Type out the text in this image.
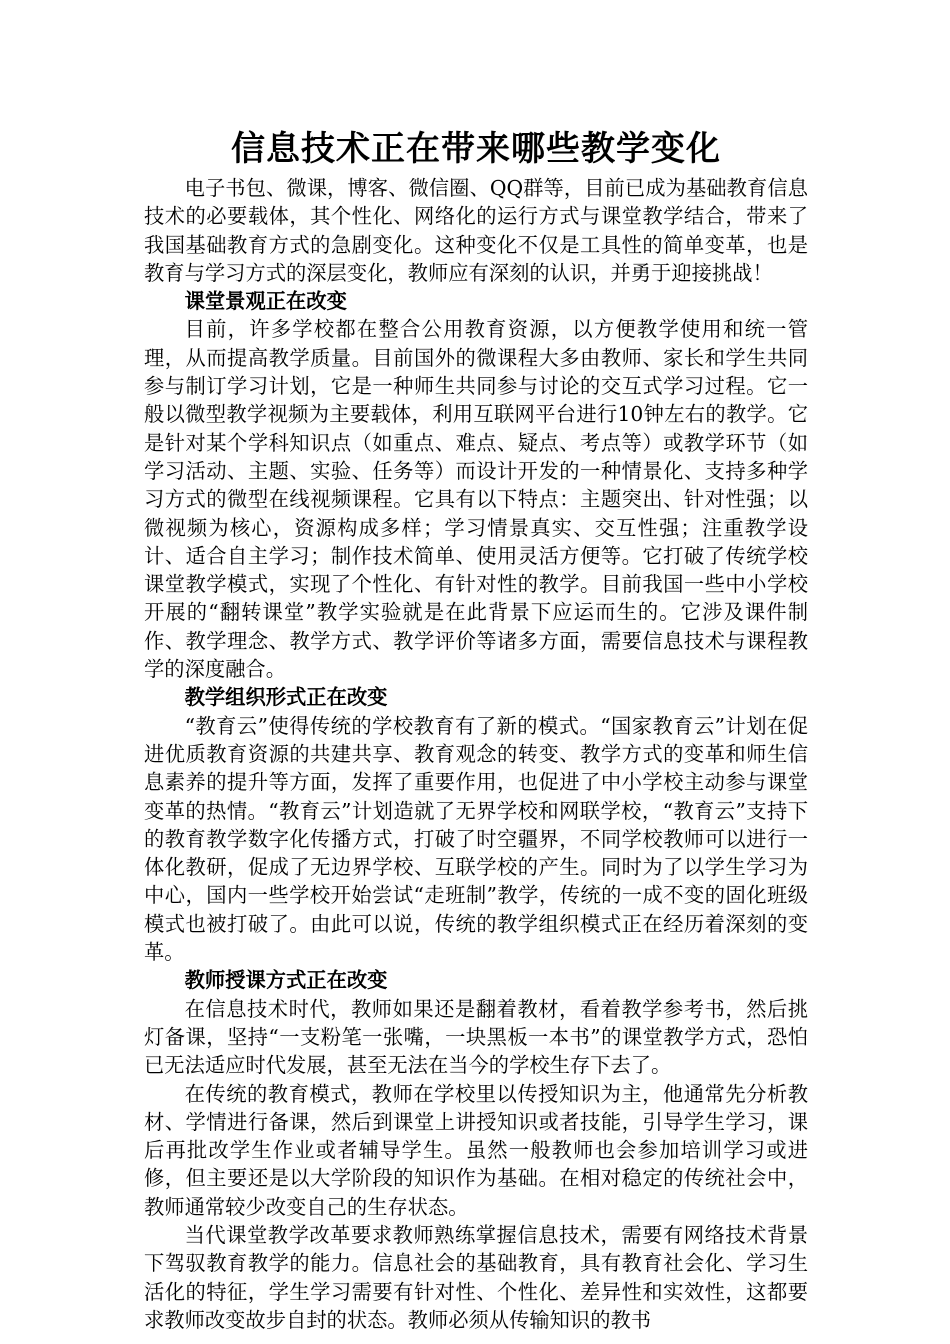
信息技术正在带来哪些教学变化

电子书包、微课，博客、微信圈、QQ群等，目前已成为基础教育信息技术的必要载体，其个性化、网络化的运行方式与课堂教学结合，带来了我国基础教育方式的急剧变化。这种变化不仅是工具性的简单变革，也是教育与学习方式的深层变化，教师应有深刻的认识，并勇于迎接挑战！

课堂景观正在改变

目前，许多学校都在整合公用教育资源，以方便教学使用和统一管理，从而提高教学质量。目前国外的微课程大多由教师、家长和学生共同参与制订学习计划，它是一种师生共同参与讨论的交互式学习过程。它一般以微型教学视频为主要载体，利用互联网平台进行10钟左右的教学。它是针对某个学科知识点（如重点、难点、疑点、考点等）或教学环节（如学习活动、主题、实验、任务等）而设计开发的一种情景化、支持多种学习方式的微型在线视频课程。它具有以下特点：主题突出、针对性强；以微视频为核心，资源构成多样；学习情景真实、交互性强；注重教学设计、适合自主学习；制作技术简单、使用灵活方便等。它打破了传统学校课堂教学模式，实现了个性化、有针对性的教学。目前我国一些中小学校开展的“翻转课堂”教学实验就是在此背景下应运而生的。它涉及课件制作、教学理念、教学方式、教学评价等诸多方面，需要信息技术与课程教学的深度融合。

教学组织形式正在改变

“教育云”使得传统的学校教育有了新的模式。“国家教育云”计划在促进优质教育资源的共建共享、教育观念的转变、教学方式的变革和师生信息素养的提升等方面，发挥了重要作用，也促进了中小学校主动参与课堂变革的热情。“教育云”计划造就了无界学校和网联学校，“教育云”支持下的教育教学数字化传播方式，打破了时空疆界，不同学校教师可以进行一体化教研，促成了无边界学校、互联学校的产生。同时为了以学生学习为中心，国内一些学校开始尝试“走班制”教学，传统的一成不变的固化班级模式也被打破了。由此可以说，传统的教学组织模式正在经历着深刻的变革。

教师授课方式正在改变

在信息技术时代，教师如果还是翻着教材，看着教学参考书，然后挑灯备课，坚持“一支粉笔一张嘴，一块黑板一本书”的课堂教学方式，恐怕已无法适应时代发展，甚至无法在当今的学校生存下去了。

在传统的教育模式，教师在学校里以传授知识为主，他通常先分析教材、学情进行备课，然后到课堂上讲授知识或者技能，引导学生学习，课后再批改学生作业或者辅导学生。虽然一般教师也会参加培训学习或进修，但主要还是以大学阶段的知识作为基础。在相对稳定的传统社会中，教师通常较少改变自己的生存状态。

当代课堂教学改革要求教师熟练掌握信息技术，需要有网络技术背景下驾驭教育教学的能力。信息社会的基础教育，具有教育社会化、学习生活化的特征，学生学习需要有针对性、个性化、差异性和实效性，这都要求教师改变故步自封的状态。教师必须从传输知识的教书
